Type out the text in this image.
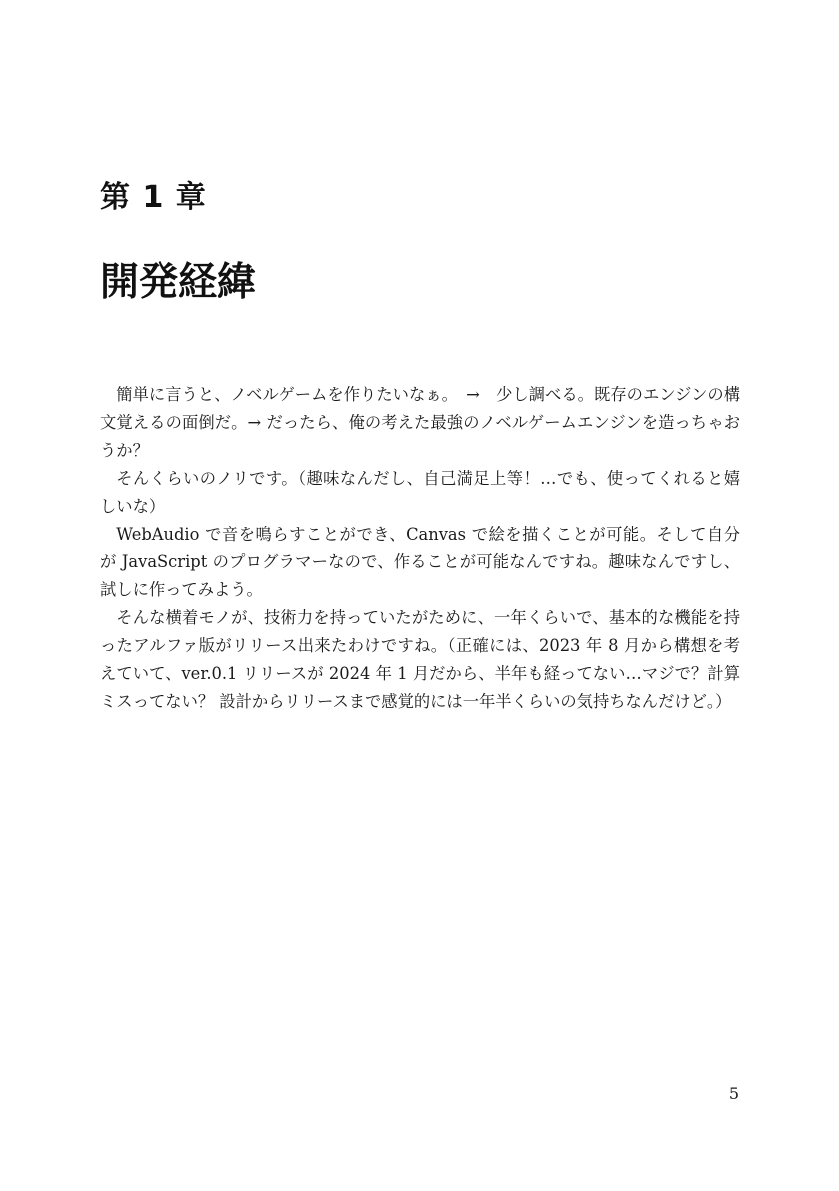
第 1 章
開発経緯

簡単に言うと、ノベルゲームを作りたいなぁ。　→　少し調べる。既存のエンジンの構文覚えるの面倒だ。→ だったら、俺の考えた最強のノベルゲームエンジンを造っちゃおうか？

そんくらいのノリです。（趣味なんだし、自己満足上等！…でも、使ってくれると嬉しいな）

WebAudio で音を鳴らすことができ、Canvas で絵を描くことが可能。そして自分が JavaScript のプログラマーなので、作ることが可能なんですね。趣味なんですし、試しに作ってみよう。

そんな横着モノが、技術力を持っていたがために、一年くらいで、基本的な機能を持ったアルファ版がリリース出来たわけですね。（正確には、2023 年 8 月から構想を考えていて、ver.0.1 リリースが 2024 年 1 月だから、半年も経ってない…マジで？計算ミスってない？ 設計からリリースまで感覚的には一年半くらいの気持ちなんだけど。）

5
